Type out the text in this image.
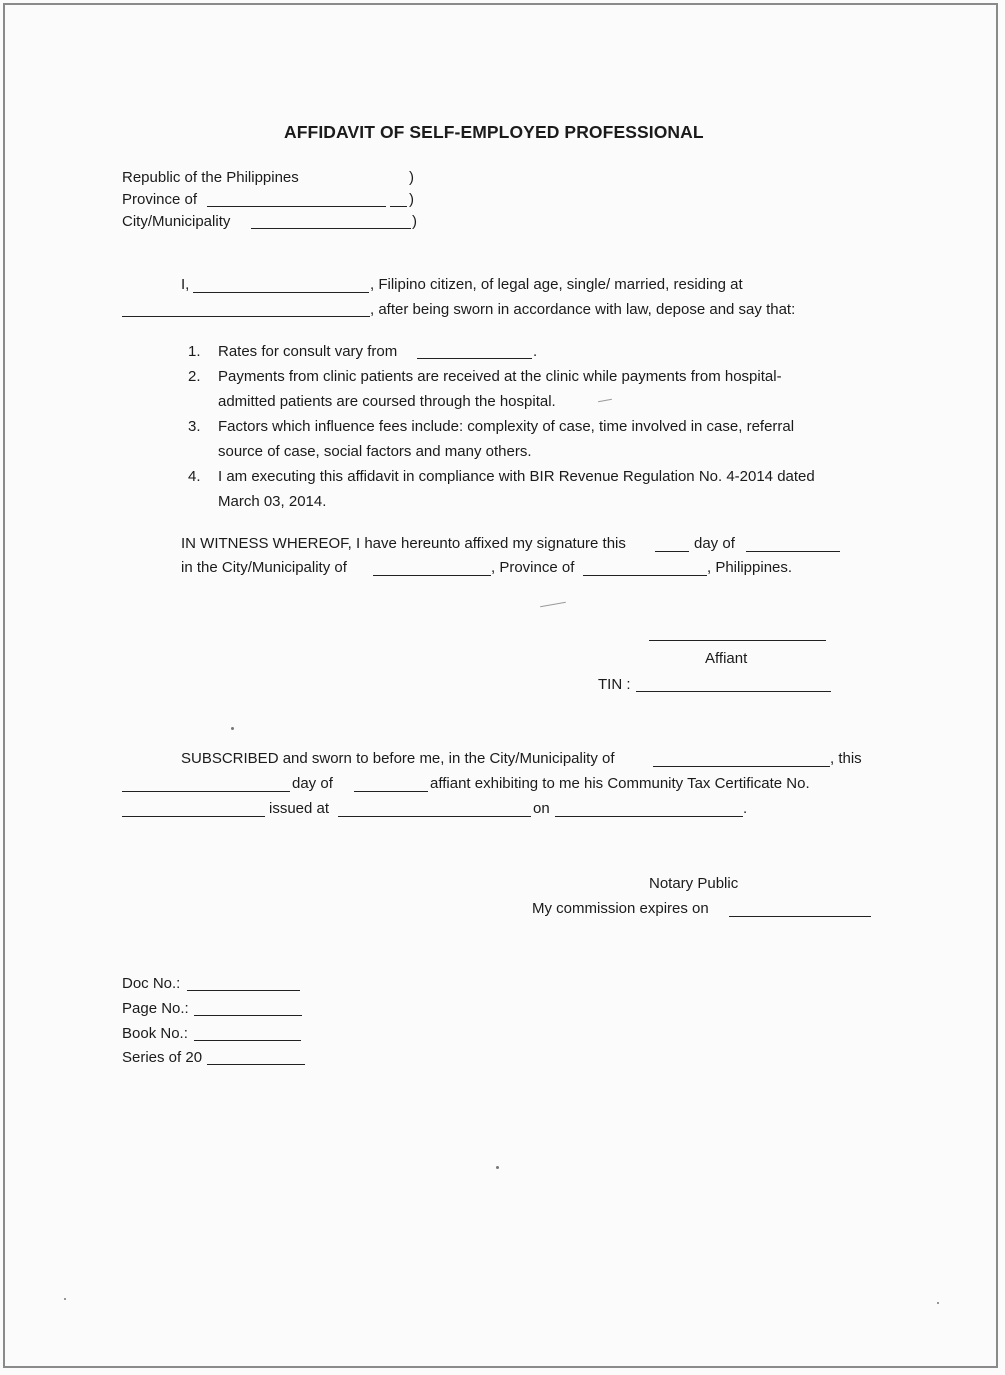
AFFIDAVIT OF SELF-EMPLOYED PROFESSIONAL
Republic of the Philippines	)
Province of	)
City/Municipality	)
I,	, Filipino citizen, of legal age, single/ married, residing at
, after being sworn in accordance with law, depose and say that:
1. Rates for consult vary from	.
2. Payments from clinic patients are received at the clinic while payments from hospital-
admitted patients are coursed through the hospital.
3. Factors which influence fees include: complexity of case, time involved in case, referral
source of case, social factors and many others.
4. I am executing this affidavit in compliance with BIR Revenue Regulation No. 4-2014 dated
March 03, 2014.
IN WITNESS WHEREOF, I have hereunto affixed my signature this	day of
in the City/Municipality of	, Province of	, Philippines.
Affiant
TIN :
SUBSCRIBED and sworn to before me, in the City/Municipality of	, this
day of	affiant exhibiting to me his Community Tax Certificate No.
issued at	on	.
Notary Public
My commission expires on
Doc No.:
Page No.:
Book No.:
Series of 20
